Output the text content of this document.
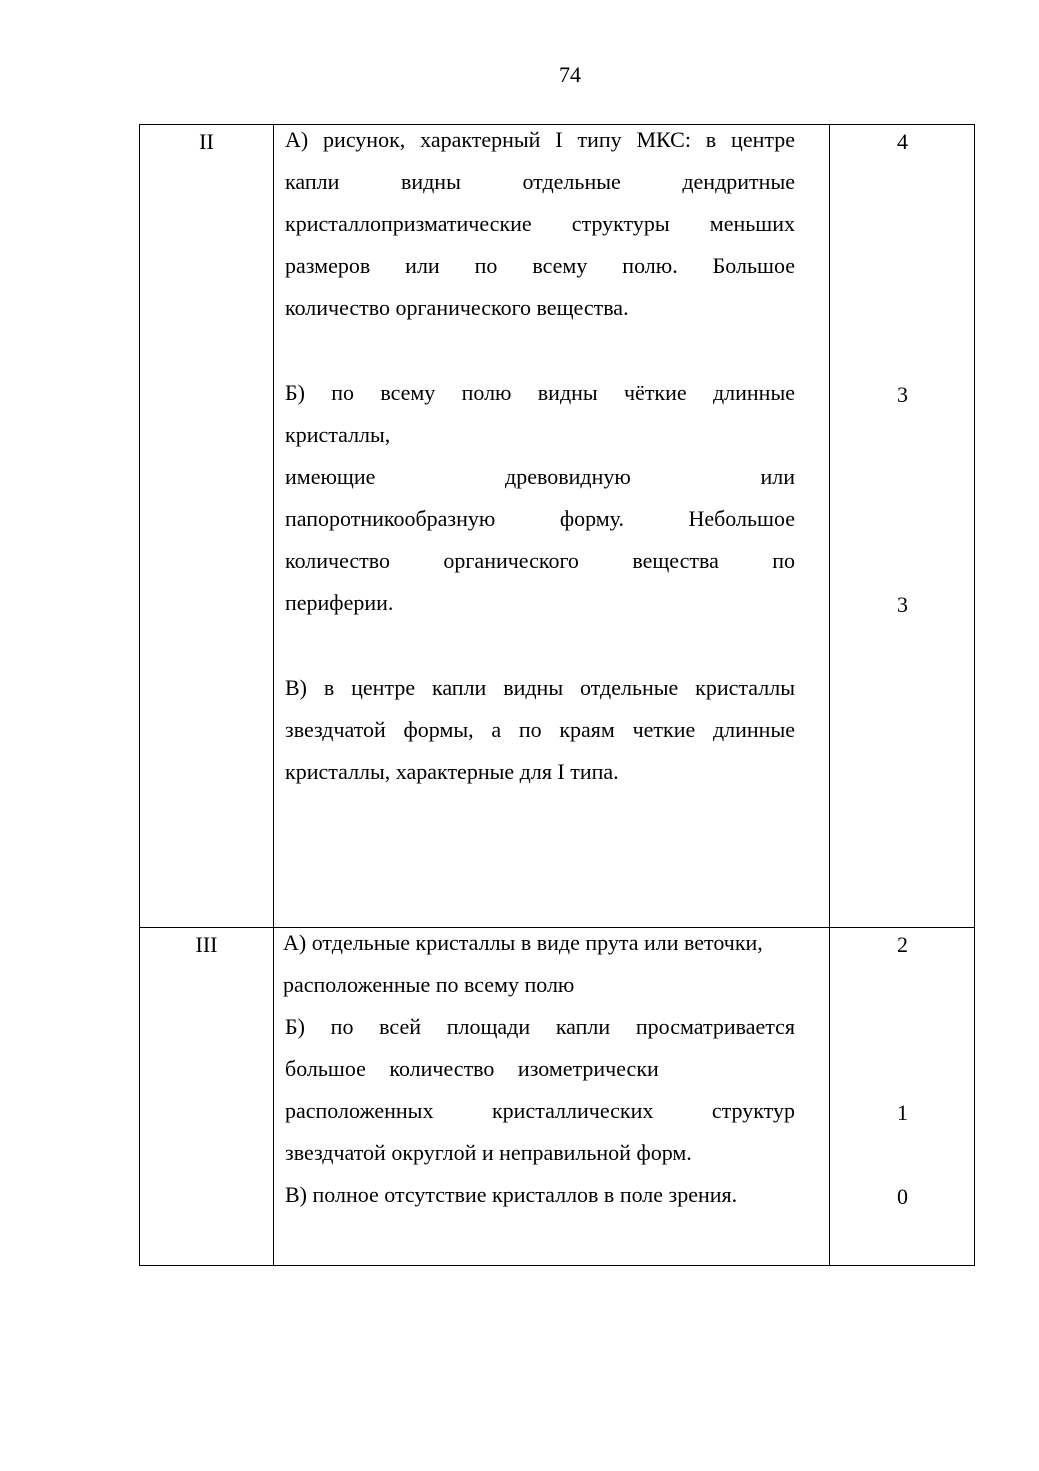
74
II	А) рисунок, характерный I типу МКС: в центре
капли видны отдельные дендритные
кристаллопризматические структуры меньших
размеров или по всему полю. Большое
количество органического вещества.
Б) по всему полю видны чёткие длинные
кристаллы,
имеющие древовидную или
папоротникообразную форму. Небольшое
количество органического вещества по
периферии.
В) в центре капли видны отдельные кристаллы
звездчатой формы, а по краям четкие длинные
кристаллы, характерные для I типа.
4
3
3
III	А) отдельные кристаллы в виде прута или веточки,
расположенные по всему полю
Б) по всей площади капли просматривается
большое количество изометрически
расположенных кристаллических структур
звездчатой округлой и неправильной форм.
В) полное отсутствие кристаллов в поле зрения.
2
1
0
